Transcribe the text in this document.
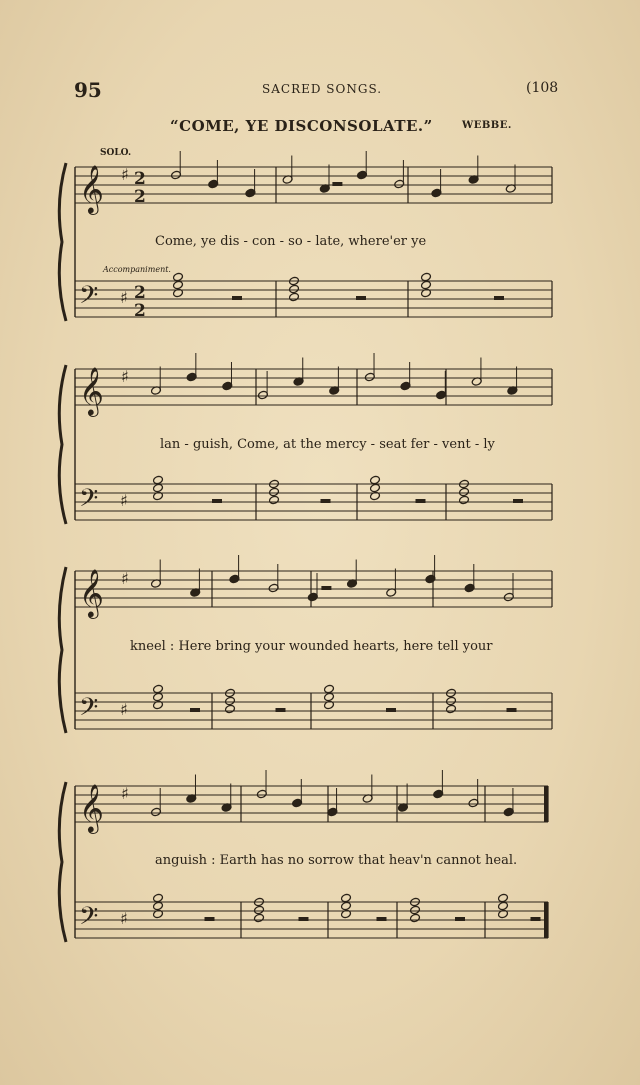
95	SACRED SONGS.	(108
“COME, YE DISCONSOLATE.”	WEBBE.
SOLO.
Accompaniment.
𝄞
𝄢
♯
♯
2
2
2
2
𝄞
𝄢
♯
♯
𝄞
𝄢
♯
♯
𝄞
𝄢
♯
♯
Come, ye dis - con - so - late, where'er ye
lan - guish, Come, at the mercy - seat fer - vent - ly
kneel : Here bring your wounded hearts, here tell your
anguish : Earth has no sorrow that heav'n cannot heal.
